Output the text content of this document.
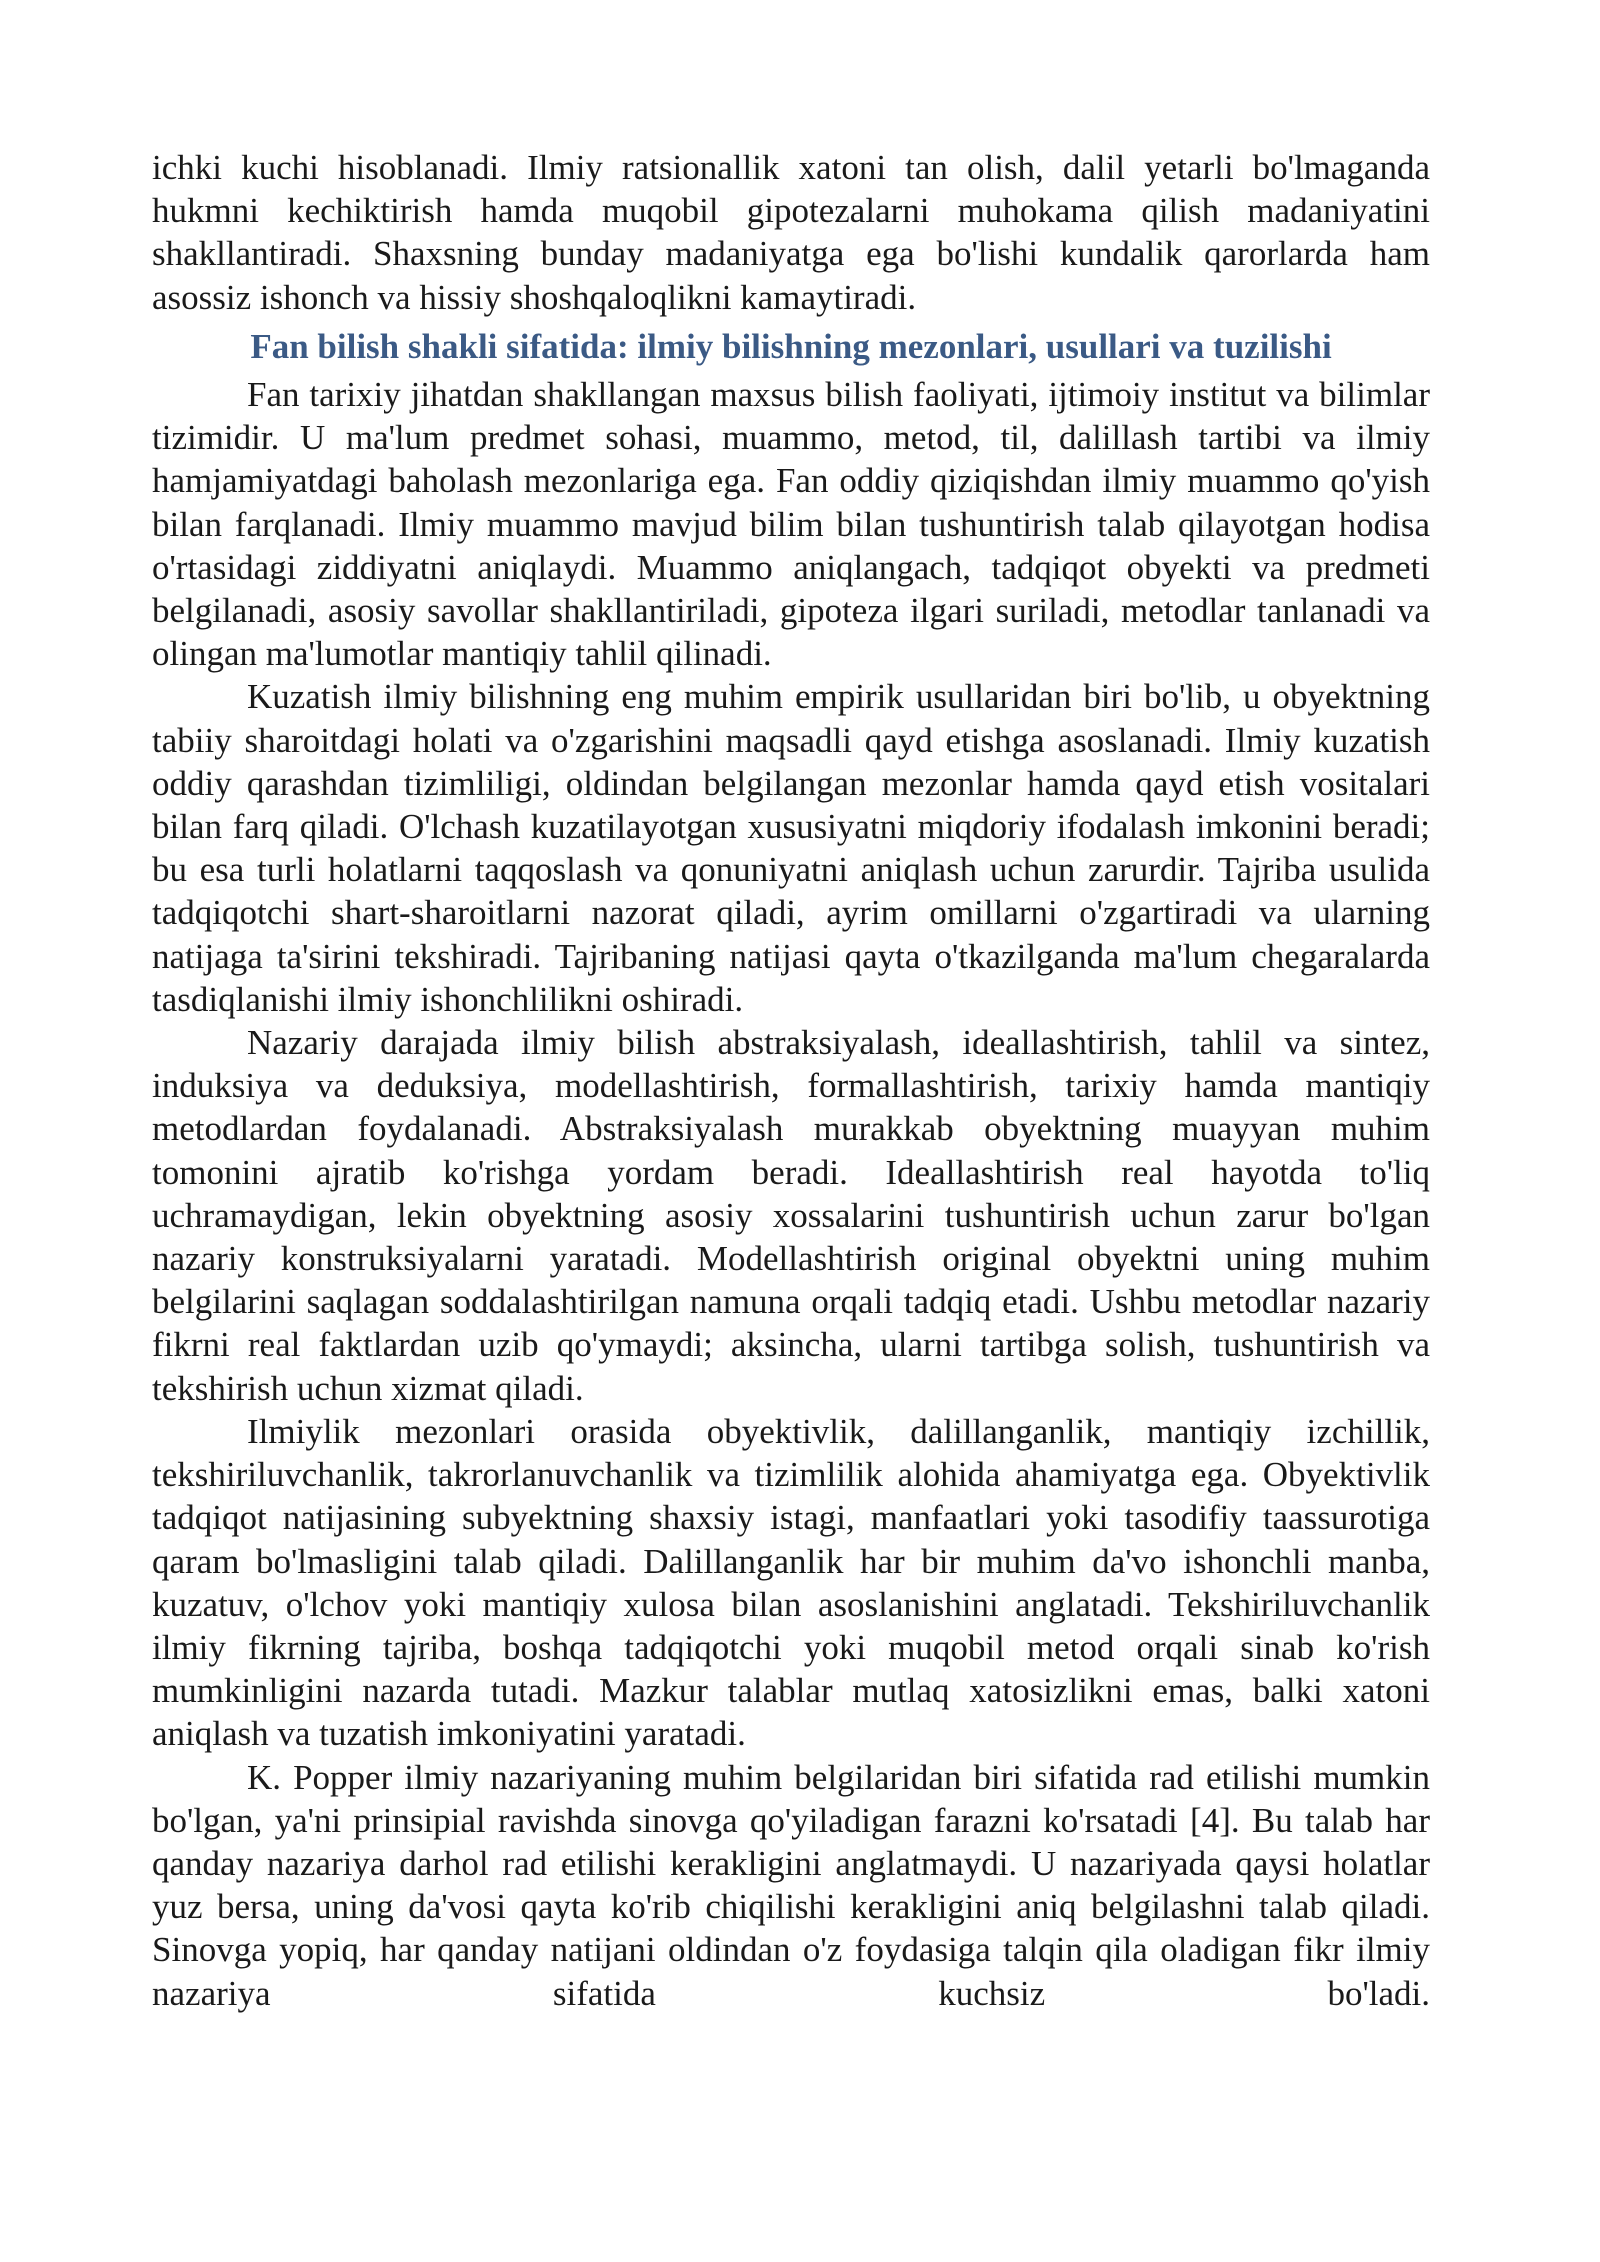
ichki kuchi hisoblanadi. Ilmiy ratsionallik xatoni tan olish, dalil yetarli bo'lmaganda hukmni kechiktirish hamda muqobil gipotezalarni muhokama qilish madaniyatini shakllantiradi. Shaxsning bunday madaniyatga ega bo'lishi kundalik qarorlarda ham asossiz ishonch va hissiy shoshqaloqlikni kamaytiradi.

Fan bilish shakli sifatida: ilmiy bilishning mezonlari, usullari va tuzilishi

Fan tarixiy jihatdan shakllangan maxsus bilish faoliyati, ijtimoiy institut va bilimlar tizimidir. U ma'lum predmet sohasi, muammo, metod, til, dalillash tartibi va ilmiy hamjamiyatdagi baholash mezonlariga ega. Fan oddiy qiziqishdan ilmiy muammo qo'yish bilan farqlanadi. Ilmiy muammo mavjud bilim bilan tushuntirish talab qilayotgan hodisa o'rtasidagi ziddiyatni aniqlaydi. Muammo aniqlangach, tadqiqot obyekti va predmeti belgilanadi, asosiy savollar shakllantiriladi, gipoteza ilgari suriladi, metodlar tanlanadi va olingan ma'lumotlar mantiqiy tahlil qilinadi.

Kuzatish ilmiy bilishning eng muhim empirik usullaridan biri bo'lib, u obyektning tabiiy sharoitdagi holati va o'zgarishini maqsadli qayd etishga asoslanadi. Ilmiy kuzatish oddiy qarashdan tizimliligi, oldindan belgilangan mezonlar hamda qayd etish vositalari bilan farq qiladi. O'lchash kuzatilayotgan xususiyatni miqdoriy ifodalash imkonini beradi; bu esa turli holatlarni taqqoslash va qonuniyatni aniqlash uchun zarurdir. Tajriba usulida tadqiqotchi shart-sharoitlarni nazorat qiladi, ayrim omillarni o'zgartiradi va ularning natijaga ta'sirini tekshiradi. Tajribaning natijasi qayta o'tkazilganda ma'lum chegaralarda tasdiqlanishi ilmiy ishonchlilikni oshiradi.

Nazariy darajada ilmiy bilish abstraksiyalash, ideallashtirish, tahlil va sintez, induksiya va deduksiya, modellashtirish, formallashtirish, tarixiy hamda mantiqiy metodlardan foydalanadi. Abstraksiyalash murakkab obyektning muayyan muhim tomonini ajratib ko'rishga yordam beradi. Ideallashtirish real hayotda to'liq uchramaydigan, lekin obyektning asosiy xossalarini tushuntirish uchun zarur bo'lgan nazariy konstruksiyalarni yaratadi. Modellashtirish original obyektni uning muhim belgilarini saqlagan soddalashtirilgan namuna orqali tadqiq etadi. Ushbu metodlar nazariy fikrni real faktlardan uzib qo'ymaydi; aksincha, ularni tartibga solish, tushuntirish va tekshirish uchun xizmat qiladi.

Ilmiylik mezonlari orasida obyektivlik, dalillanganlik, mantiqiy izchillik, tekshiriluvchanlik, takrorlanuvchanlik va tizimlilik alohida ahamiyatga ega. Obyektivlik tadqiqot natijasining subyektning shaxsiy istagi, manfaatlari yoki tasodifiy taassurotiga qaram bo'lmasligini talab qiladi. Dalillanganlik har bir muhim da'vo ishonchli manba, kuzatuv, o'lchov yoki mantiqiy xulosa bilan asoslanishini anglatadi. Tekshiriluvchanlik ilmiy fikrning tajriba, boshqa tadqiqotchi yoki muqobil metod orqali sinab ko'rish mumkinligini nazarda tutadi. Mazkur talablar mutlaq xatosizlikni emas, balki xatoni aniqlash va tuzatish imkoniyatini yaratadi.

K. Popper ilmiy nazariyaning muhim belgilaridan biri sifatida rad etilishi mumkin bo'lgan, ya'ni prinsipial ravishda sinovga qo'yiladigan farazni ko'rsatadi [4]. Bu talab har qanday nazariya darhol rad etilishi kerakligini anglatmaydi. U nazariyada qaysi holatlar yuz bersa, uning da'vosi qayta ko'rib chiqilishi kerakligini aniq belgilashni talab qiladi. Sinovga yopiq, har qanday natijani oldindan o'z foydasiga talqin qila oladigan fikr ilmiy nazariya sifatida kuchsiz bo'ladi.
